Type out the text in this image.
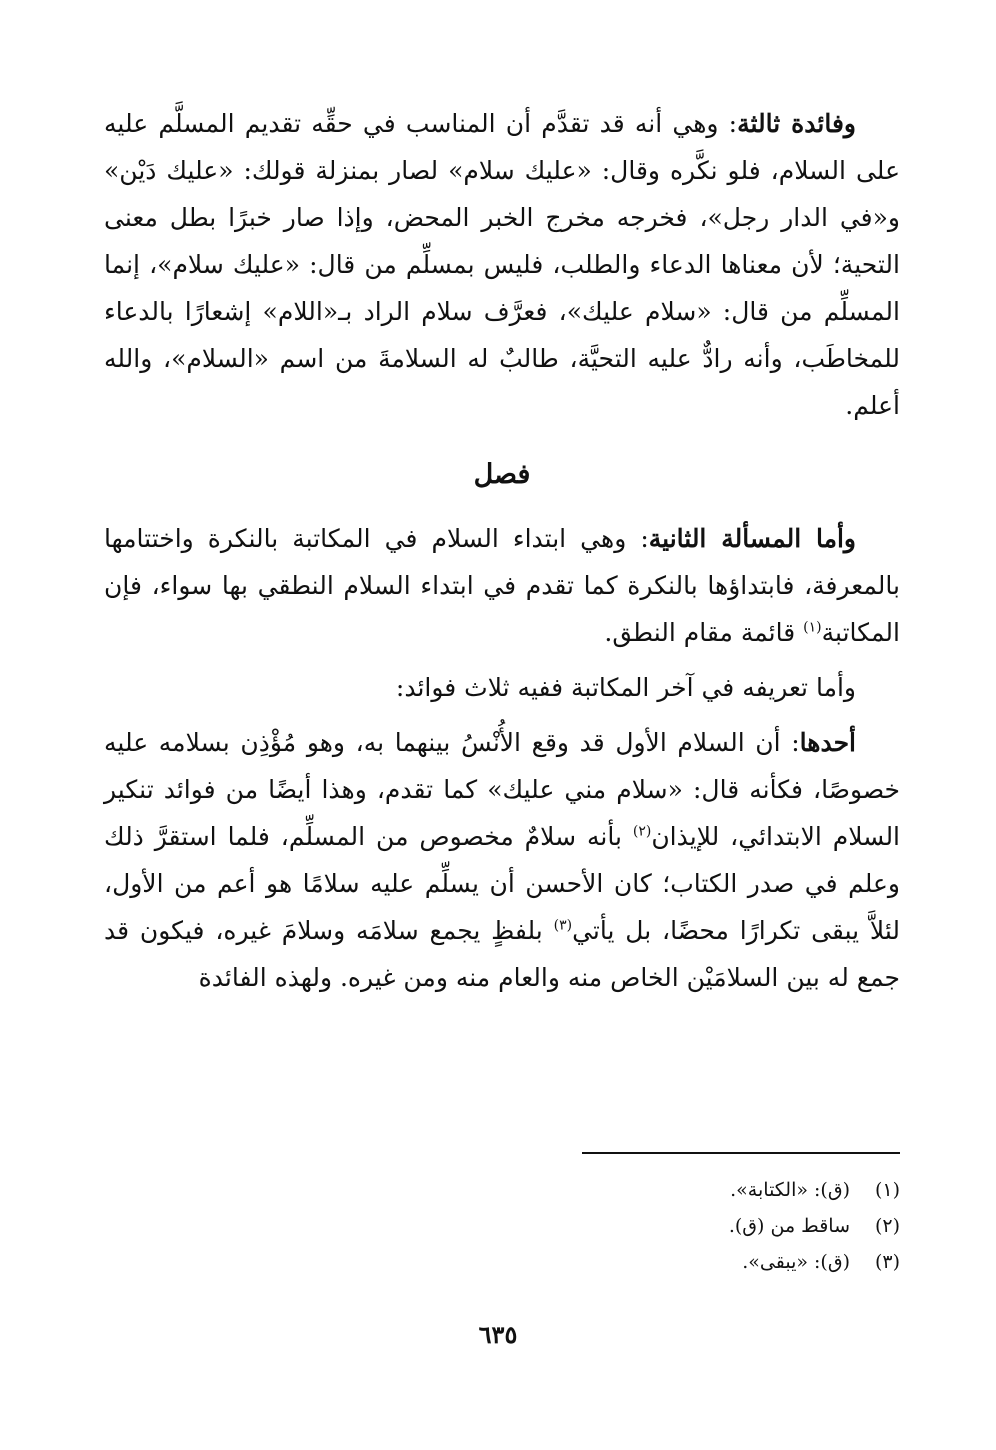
وفائدة ثالثة: وهي أنه قد تقدَّم أن المناسب في حقِّه تقديم المسلَّم عليه على السلام، فلو نكَّره وقال: «عليك سلام» لصار بمنزلة قولك: «عليك دَيْن» و«في الدار رجل»، فخرجه مخرج الخبر المحض، وإذا صار خبرًا بطل معنى التحية؛ لأن معناها الدعاء والطلب، فليس بمسلِّم من قال: «عليك سلام»، إنما المسلِّم من قال: «سلام عليك»، فعرَّف سلام الراد بـ«اللام» إشعارًا بالدعاء للمخاطَب، وأنه رادٌّ عليه التحيَّة، طالبٌ له السلامةَ من اسم «السلام»، والله أعلم.

فصل

وأما المسألة الثانية: وهي ابتداء السلام في المكاتبة بالنكرة واختتامها بالمعرفة، فابتداؤها بالنكرة كما تقدم في ابتداء السلام النطقي بها سواء، فإن المكاتبة$^{(١)}$ قائمة مقام النطق.

وأما تعريفه في آخر المكاتبة ففيه ثلاث فوائد:

أحدها: أن السلام الأول قد وقع الأُنْسُ بينهما به، وهو مُؤْذِن بسلامه عليه خصوصًا، فكأنه قال: «سلام مني عليك» كما تقدم، وهذا أيضًا من فوائد تنكير السلام الابتدائي، للإيذان$^{(٢)}$ بأنه سلامٌ مخصوص من المسلِّم، فلما استقرَّ ذلك وعلم في صدر الكتاب؛ كان الأحسن أن يسلِّم عليه سلامًا هو أعم من الأول، لئلاَّ يبقى تكرارًا محضًا، بل يأتي$^{(٣)}$ بلفظٍ يجمع سلامَه وسلامَ غيره، فيكون قد جمع له بين السلامَيْن الخاص منه والعام منه ومن غيره. ولهذه الفائدة

(١)
(ق): «الكتابة».
(٢)
ساقط من (ق).
(٣)
(ق): «يبقى».
٦٣٥
